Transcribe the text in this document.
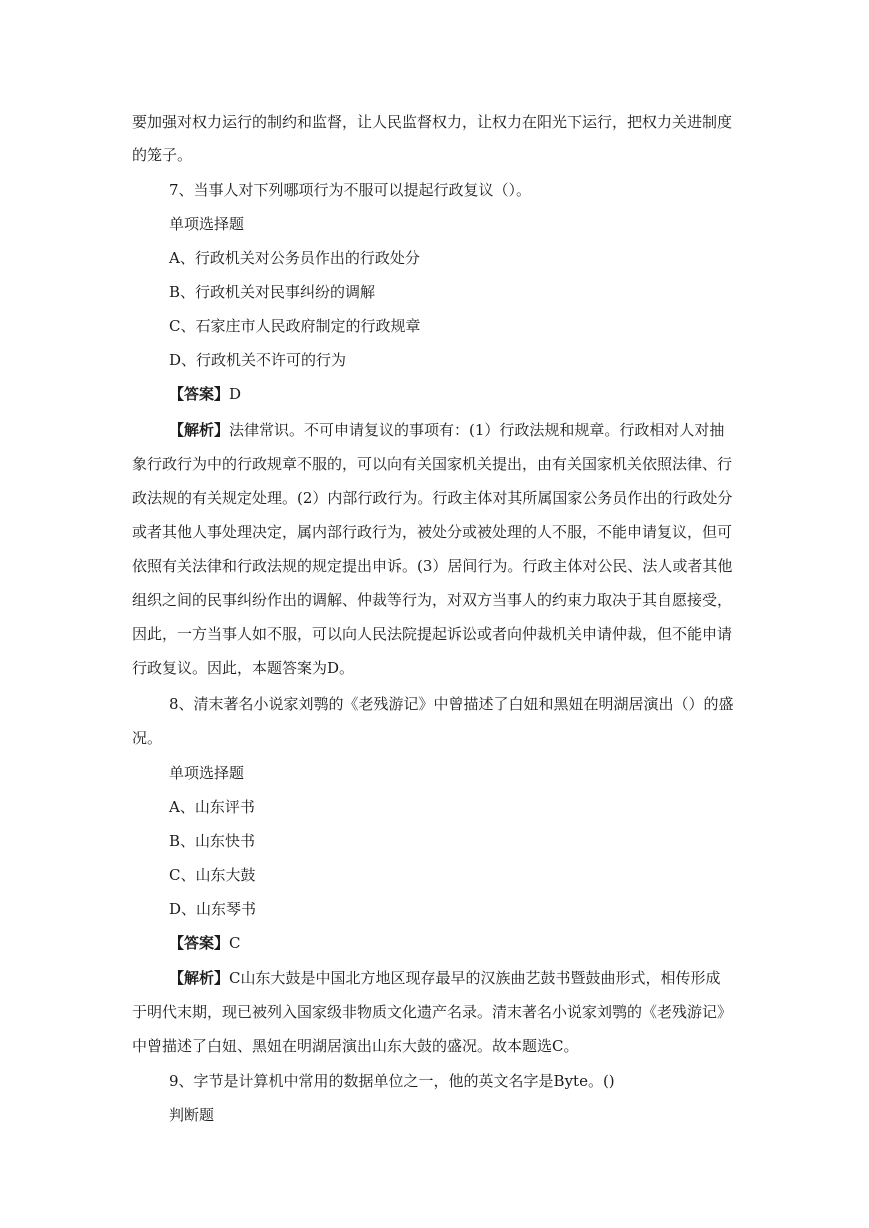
要加强对权力运行的制约和监督，让人民监督权力，让权力在阳光下运行，把权力关进制度
的笼子。
7、当事人对下列哪项行为不服可以提起行政复议（）。
单项选择题
A、行政机关对公务员作出的行政处分
B、行政机关对民事纠纷的调解
C、石家庄市人民政府制定的行政规章
D、行政机关不许可的行为
【答案】D
【解析】法律常识。不可申请复议的事项有：(1）行政法规和规章。行政相对人对抽
象行政行为中的行政规章不服的，可以向有关国家机关提出，由有关国家机关依照法律、行
政法规的有关规定处理。(2）内部行政行为。行政主体对其所属国家公务员作出的行政处分
或者其他人事处理决定，属内部行政行为，被处分或被处理的人不服，不能申请复议，但可
依照有关法律和行政法规的规定提出申诉。(3）居间行为。行政主体对公民、法人或者其他
组织之间的民事纠纷作出的调解、仲裁等行为，对双方当事人的约束力取决于其自愿接受，
因此，一方当事人如不服，可以向人民法院提起诉讼或者向仲裁机关申请仲裁，但不能申请
行政复议。因此，本题答案为D。
8、清末著名小说家刘鹗的《老残游记》中曾描述了白妞和黑妞在明湖居演出（）的盛
况。
单项选择题
A、山东评书
B、山东快书
C、山东大鼓
D、山东琴书
【答案】C
【解析】C山东大鼓是中国北方地区现存最早的汉族曲艺鼓书暨鼓曲形式，相传形成
于明代末期，现已被列入国家级非物质文化遗产名录。清末著名小说家刘鹗的《老残游记》
中曾描述了白妞、黑妞在明湖居演出山东大鼓的盛况。故本题选C。
9、字节是计算机中常用的数据单位之一，他的英文名字是Byte。()
判断题
